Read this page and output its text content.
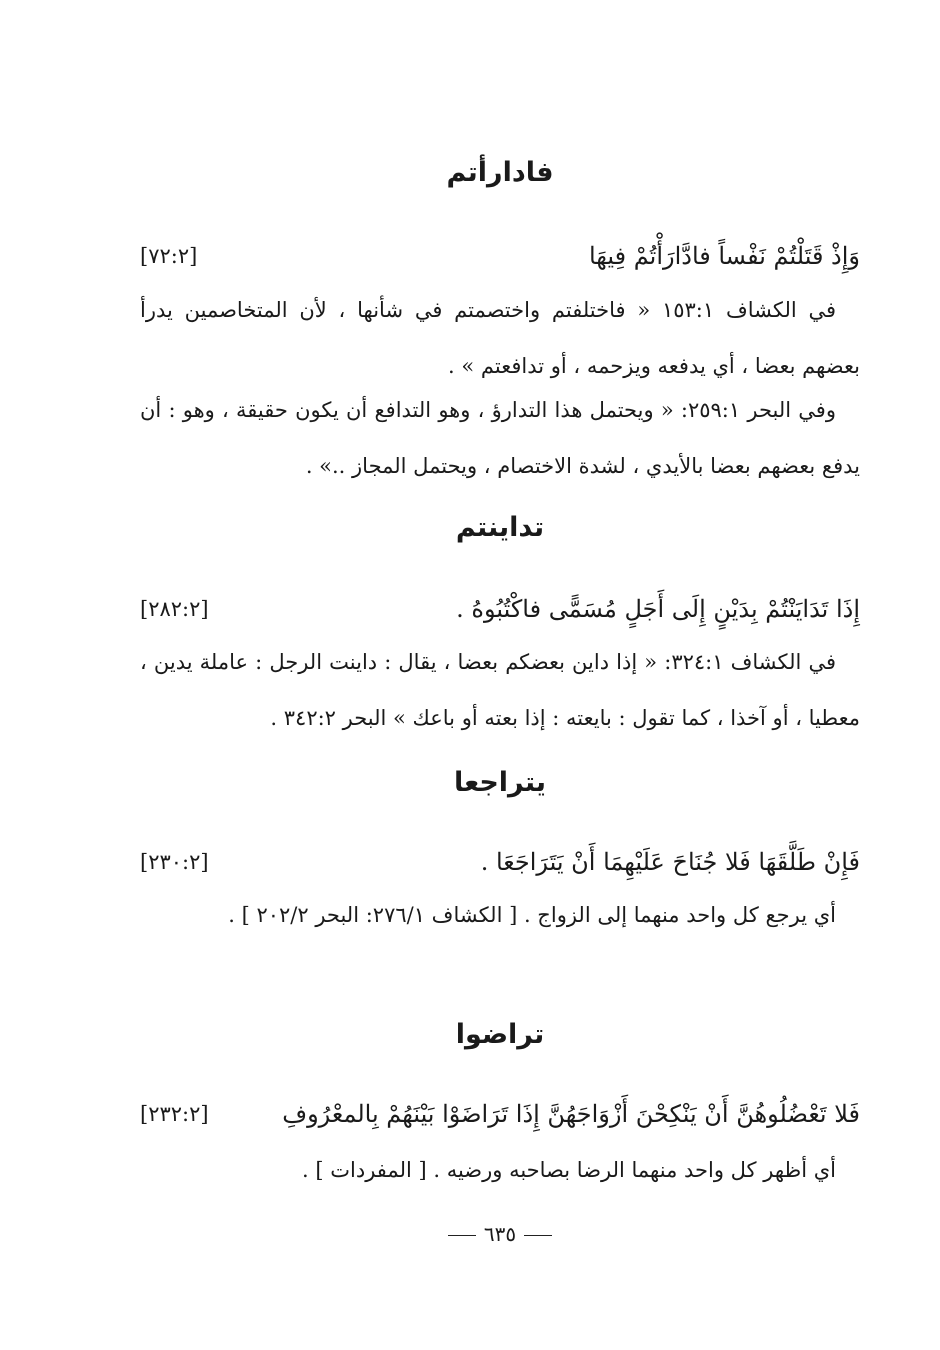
فادارأتم
وَإِذْ قَتَلْتُمْ نَفْساً فادَّارَأْتُمْ فِيهَا
[٧٢:٢]

في الكشاف ١٥٣:١ « فاختلفتم واختصمتم في شأنها ، لأن المتخاصمين يدرأ بعضهم بعضا ، أي يدفعه ويزحمه ، أو تدافعتم » .

وفي البحر ٢٥٩:١: « ويحتمل هذا التدارؤ ، وهو التدافع أن يكون حقيقة ، وهو : أن يدفع بعضهم بعضا بالأيدي ، لشدة الاختصام ، ويحتمل المجاز ..» .

تداينتم
إِذَا تَدَايَنْتُمْ بِدَيْنٍ إِلَى أَجَلٍ مُسَمًّى فاكْتُبُوهُ .
[٢٨٢:٢]

في الكشاف ٣٢٤:١: « إذا داين بعضكم بعضا ، يقال : داينت الرجل : عاملة يدين ، معطيا ، أو آخذا ، كما تقول : بايعته : إذا بعته أو باعك » البحر ٣٤٢:٢ .

يتراجعا
فَإِنْ طَلَّقَهَا فَلا جُنَاحَ عَلَيْهِمَا أَنْ يَتَرَاجَعَا .
[٢٣٠:٢]

أي يرجع كل واحد منهما إلى الزواج . [ الكشاف ٢٧٦/١: البحر ٢٠٢/٢ ] .

تراضوا
فَلا تَعْضُلُوهُنَّ أَنْ يَنْكِحْنَ أَزْوَاجَهُنَّ إِذَا تَرَاضَوْا بَيْنَهُمْ بِالمعْرُوفِ
[٢٣٢:٢]

أي أظهر كل واحد منهما الرضا بصاحبه ورضيه . [ المفردات ] .

٦٣٥
